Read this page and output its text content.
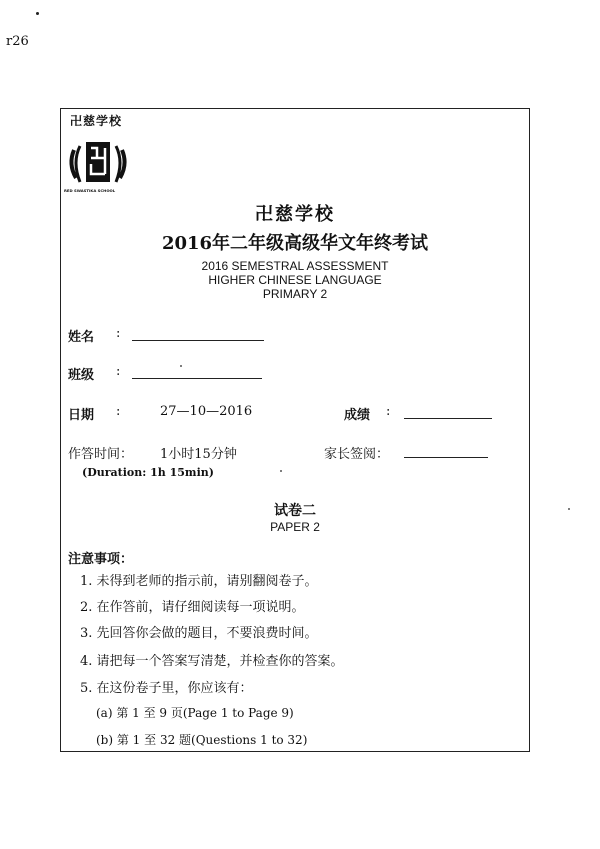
r26
卍慈学校
RED SWASTIKA SCHOOL
卍慈学校
2016年二年级高级华文年终考试
2016 SEMESTRAL ASSESSMENT
HIGHER CHINESE LANGUAGE
PRIMARY 2
姓名 :
班级 :
日期 :	27—10—2016	成绩 :
作答时间： 1小时15分钟	家长签阅：
(Duration: 1h 15min)
试卷二
PAPER 2
注意事项：
1. 未得到老师的指示前，请别翻阅卷子。
2. 在作答前，请仔细阅读每一项说明。
3. 先回答你会做的题目，不要浪费时间。
4. 请把每一个答案写清楚，并检查你的答案。
5. 在这份卷子里，你应该有：
(a) 第 1 至 9 页(Page 1 to Page 9)
(b) 第 1 至 32 题(Questions 1 to 32)
